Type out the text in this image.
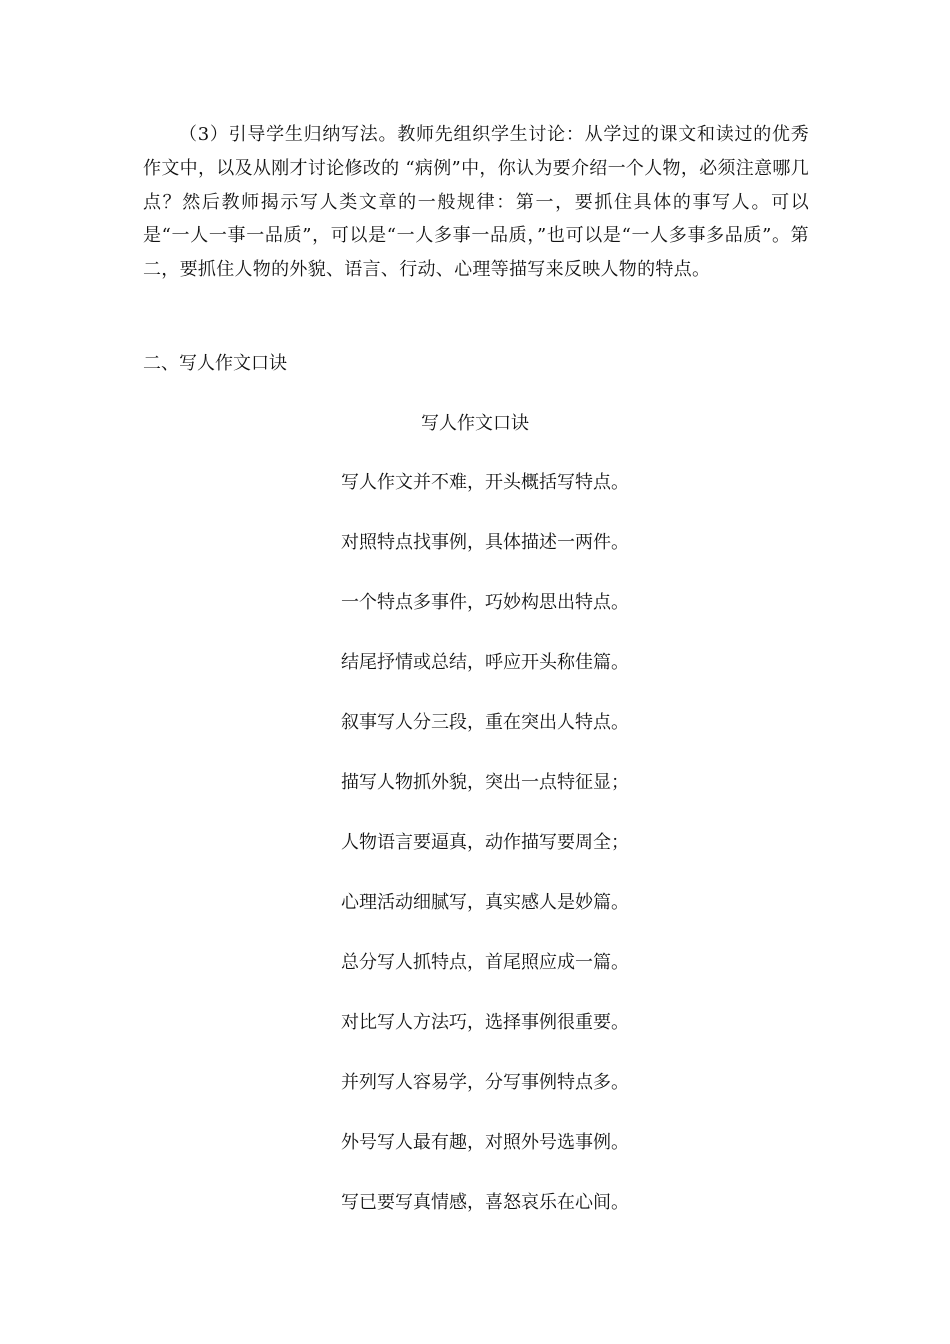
（3）引导学生归纳写法。教师先组织学生讨论：从学过的课文和读过的优秀作文中，以及从刚才讨论修改的 “病例”中，你认为要介绍一个人物，必须注意哪几点？然后教师揭示写人类文章的一般规律：第一，要抓住具体的事写人。可以是“一人一事一品质”，可以是“一人多事一品质，”也可以是“一人多事多品质”。第二，要抓住人物的外貌、语言、行动、心理等描写来反映人物的特点。

二、写人作文口诀

写人作文口诀

写人作文并不难，开头概括写特点。
对照特点找事例，具体描述一两件。
一个特点多事件，巧妙构思出特点。
结尾抒情或总结，呼应开头称佳篇。
叙事写人分三段，重在突出人特点。
描写人物抓外貌，突出一点特征显；
人物语言要逼真，动作描写要周全；
心理活动细腻写，真实感人是妙篇。
总分写人抓特点，首尾照应成一篇。
对比写人方法巧，选择事例很重要。
并列写人容易学，分写事例特点多。
外号写人最有趣，对照外号选事例。
写已要写真情感，喜怒哀乐在心间。
